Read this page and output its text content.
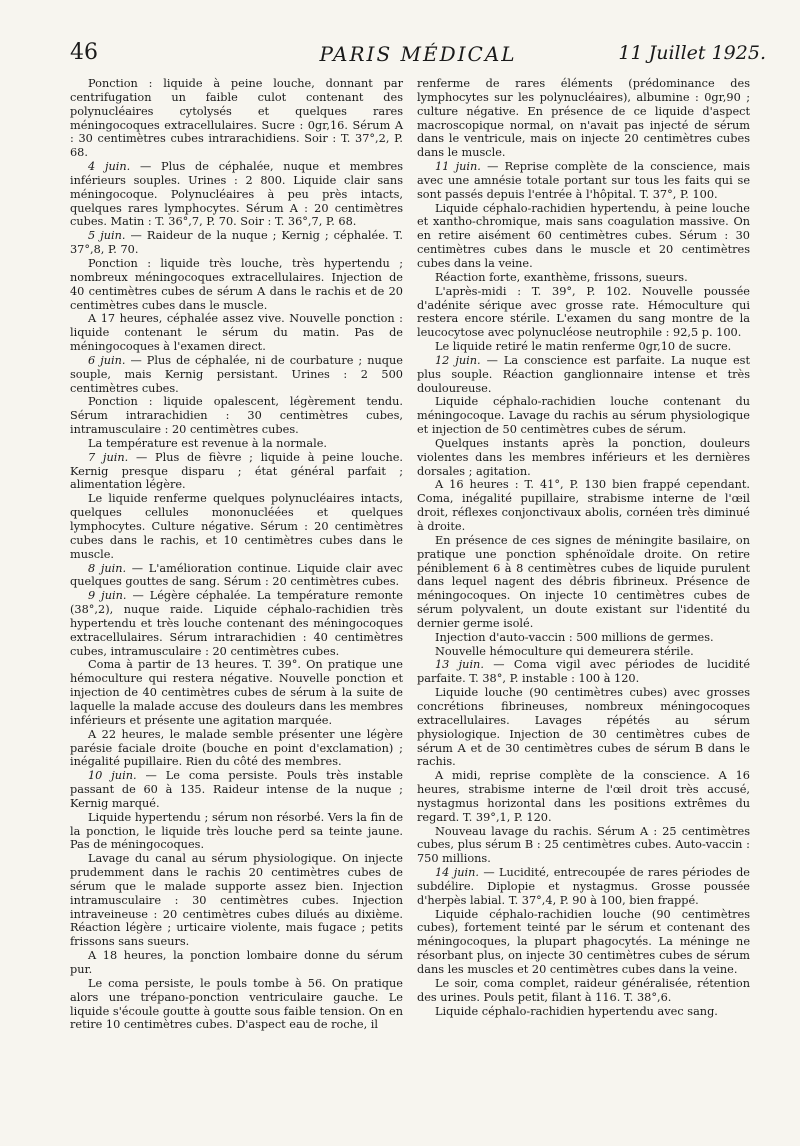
46	PARIS MÉDICAL	11 Juillet 1925.

Ponction : liquide à peine louche, donnant par centrifugation un faible culot contenant des polynucléaires cytolysés et quelques rares méningocoques extracellulaires. Sucre : 0gr,16. Sérum A : 30 centimètres cubes intrarachidiens. Soir : T. 37°,2, P. 68.

4 juin. — Plus de céphalée, nuque et membres inférieurs souples. Urines : 2 800. Liquide clair sans méningocoque. Polynucléaires à peu près intacts, quelques rares lymphocytes. Sérum A : 20 centimètres cubes. Matin : T. 36°,7, P. 70. Soir : T. 36°,7, P. 68.

5 juin. — Raideur de la nuque ; Kernig ; céphalée. T. 37°,8, P. 70.

Ponction : liquide très louche, très hypertendu ; nombreux méningocoques extracellulaires. Injection de 40 centimètres cubes de sérum A dans le rachis et de 20 centimètres cubes dans le muscle.

A 17 heures, céphalée assez vive. Nouvelle ponction : liquide contenant le sérum du matin. Pas de méningocoques à l'examen direct.

6 juin. — Plus de céphalée, ni de courbature ; nuque souple, mais Kernig persistant. Urines : 2 500 centimètres cubes.

Ponction : liquide opalescent, légèrement tendu. Sérum intrarachidien : 30 centimètres cubes, intramusculaire : 20 centimètres cubes.

La température est revenue à la normale.

7 juin. — Plus de fièvre ; liquide à peine louche. Kernig presque disparu ; état général parfait ; alimentation légère.

Le liquide renferme quelques polynucléaires intacts, quelques cellules mononucléées et quelques lymphocytes. Culture négative. Sérum : 20 centimètres cubes dans le rachis, et 10 centimètres cubes dans le muscle.

8 juin. — L'amélioration continue. Liquide clair avec quelques gouttes de sang. Sérum : 20 centimètres cubes.

9 juin. — Légère céphalée. La température remonte (38°,2), nuque raide. Liquide céphalo-rachidien très hypertendu et très louche contenant des méningocoques extracellulaires. Sérum intrarachidien : 40 centimètres cubes, intramusculaire : 20 centimètres cubes.

Coma à partir de 13 heures. T. 39°. On pratique une hémoculture qui restera négative. Nouvelle ponction et injection de 40 centimètres cubes de sérum à la suite de laquelle la malade accuse des douleurs dans les membres inférieurs et présente une agitation marquée.

A 22 heures, le malade semble présenter une légère parésie faciale droite (bouche en point d'exclamation) ; inégalité pupillaire. Rien du côté des membres.

10 juin. — Le coma persiste. Pouls très instable passant de 60 à 135. Raideur intense de la nuque ; Kernig marqué.

Liquide hypertendu ; sérum non résorbé. Vers la fin de la ponction, le liquide très louche perd sa teinte jaune. Pas de méningocoques.

Lavage du canal au sérum physiologique. On injecte prudemment dans le rachis 20 centimètres cubes de sérum que le malade supporte assez bien. Injection intramusculaire : 30 centimètres cubes. Injection intraveineuse : 20 centimètres cubes dilués au dixième. Réaction légère ; urticaire violente, mais fugace ; petits frissons sans sueurs.

A 18 heures, la ponction lombaire donne du sérum pur.

Le coma persiste, le pouls tombe à 56. On pratique alors une trépano-ponction ventriculaire gauche. Le liquide s'écoule goutte à goutte sous faible tension. On en retire 10 centimètres cubes. D'aspect eau de roche, il

renferme de rares éléments (prédominance des lymphocytes sur les polynucléaires), albumine : 0gr,90 ; culture négative. En présence de ce liquide d'aspect macroscopique normal, on n'avait pas injecté de sérum dans le ventricule, mais on injecte 20 centimètres cubes dans le muscle.

11 juin. — Reprise complète de la conscience, mais avec une amnésie totale portant sur tous les faits qui se sont passés depuis l'entrée à l'hôpital. T. 37°, P. 100.

Liquide céphalo-rachidien hypertendu, à peine louche et xantho-chromique, mais sans coagulation massive. On en retire aisément 60 centimètres cubes. Sérum : 30 centimètres cubes dans le muscle et 20 centimètres cubes dans la veine.

Réaction forte, exanthème, frissons, sueurs.

L'après-midi : T. 39°, P. 102. Nouvelle poussée d'adénite sérique avec grosse rate. Hémoculture qui restera encore stérile. L'examen du sang montre de la leucocytose avec polynucléose neutrophile : 92,5 p. 100.

Le liquide retiré le matin renferme 0gr,10 de sucre.

12 juin. — La conscience est parfaite. La nuque est plus souple. Réaction ganglionnaire intense et très douloureuse.

Liquide céphalo-rachidien louche contenant du méningocoque. Lavage du rachis au sérum physiologique et injection de 50 centimètres cubes de sérum.

Quelques instants après la ponction, douleurs violentes dans les membres inférieurs et les dernières dorsales ; agitation.

A 16 heures : T. 41°, P. 130 bien frappé cependant. Coma, inégalité pupillaire, strabisme interne de l'œil droit, réflexes conjonctivaux abolis, cornéen très diminué à droite.

En présence de ces signes de méningite basilaire, on pratique une ponction sphénoïdale droite. On retire péniblement 6 à 8 centimètres cubes de liquide purulent dans lequel nagent des débris fibrineux. Présence de méningocoques. On injecte 10 centimètres cubes de sérum polyvalent, un doute existant sur l'identité du dernier germe isolé.

Injection d'auto-vaccin : 500 millions de germes.

Nouvelle hémoculture qui demeurera stérile.

13 juin. — Coma vigil avec périodes de lucidité parfaite. T. 38°, P. instable : 100 à 120.

Liquide louche (90 centimètres cubes) avec grosses concrétions fibrineuses, nombreux méningocoques extracellulaires. Lavages répétés au sérum physiologique. Injection de 30 centimètres cubes de sérum A et de 30 centimètres cubes de sérum B dans le rachis.

A midi, reprise complète de la conscience. A 16 heures, strabisme interne de l'œil droit très accusé, nystagmus horizontal dans les positions extrêmes du regard. T. 39°,1, P. 120.

Nouveau lavage du rachis. Sérum A : 25 centimètres cubes, plus sérum B : 25 centimètres cubes. Auto-vaccin : 750 millions.

14 juin. — Lucidité, entrecoupée de rares périodes de subdélire. Diplopie et nystagmus. Grosse poussée d'herpès labial. T. 37°,4, P. 90 à 100, bien frappé.

Liquide céphalo-rachidien louche (90 centimètres cubes), fortement teinté par le sérum et contenant des méningocoques, la plupart phagocytés. La méninge ne résorbant plus, on injecte 30 centimètres cubes de sérum dans les muscles et 20 centimètres cubes dans la veine.

Le soir, coma complet, raideur généralisée, rétention des urines. Pouls petit, filant à 116. T. 38°,6.

Liquide céphalo-rachidien hypertendu avec sang.
